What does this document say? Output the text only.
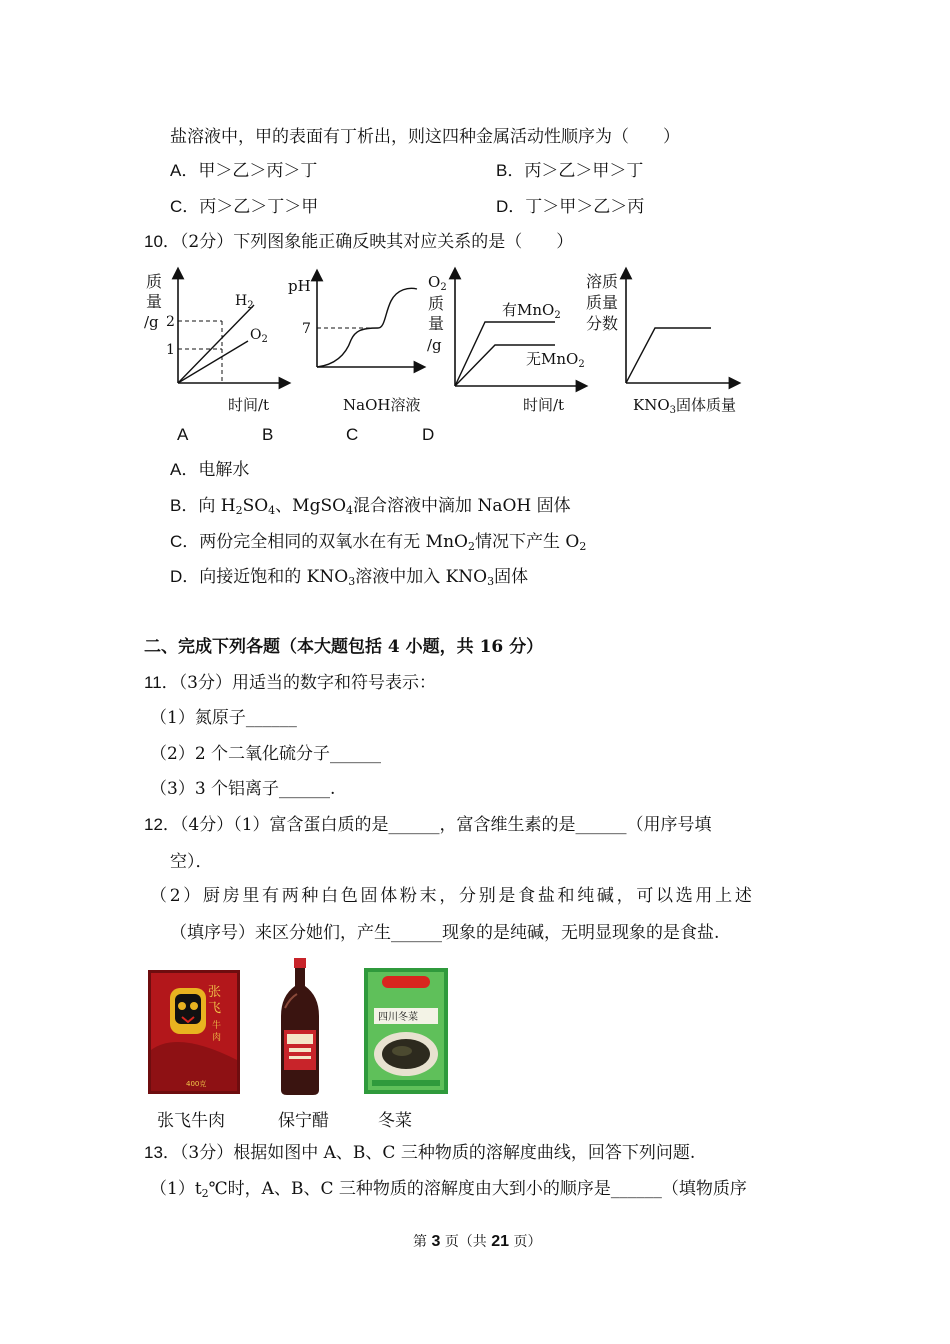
盐溶液中，甲的表面有丁析出，则这四种金属活动性顺序为（　　）
A．甲＞乙＞丙＞丁	B．丙＞乙＞甲＞丁
C．丙＞乙＞丁＞甲	D．丁＞甲＞乙＞丙
10．（2分）下列图象能正确反映其对应关系的是（　　）
质
量
/g 2
1
$H_2$
$O_2$
时间/t
pH
7
NaOH溶液
$O_2$
质
量
/g
有MnO$_2$
无MnO$_2$
时间/t
溶质
质量
分数
$KNO_3$固体质量
A	B	C	D
A．电解水
B．向 $H_2SO_4$、MgSO$_4$混合溶液中滴加 NaOH 固体
C．两份完全相同的双氧水在有无 MnO$_2$情况下产生 $O_2$
D．向接近饱和的 $KNO_3$溶液中加入 $KNO_3$固体
二、完成下列各题（本大题包括 4 小题，共 16 分）
11．（3分）用适当的数字和符号表示：
（1）氮原子______
（2）2 个二氧化硫分子______
（3）3 个铝离子______.
12．（4分）（1）富含蛋白质的是______，富含维生素的是______（用序号填
空）．
（2）厨房里有两种白色固体粉末，分别是食盐和纯碱，可以选用上述
（填序号）来区分她们，产生______现象的是纯碱，无明显现象的是食盐.
张
飞
牛
肉
400克
四川冬菜
张飞牛肉	保宁醋	冬菜
13．（3分）根据如图中 A、B、C 三种物质的溶解度曲线，回答下列问题.
$(1)t_2℃$时，A、B、C 三种物质的溶解度由大到小的顺序是______（填物质序
第 3 页（共 21 页）
